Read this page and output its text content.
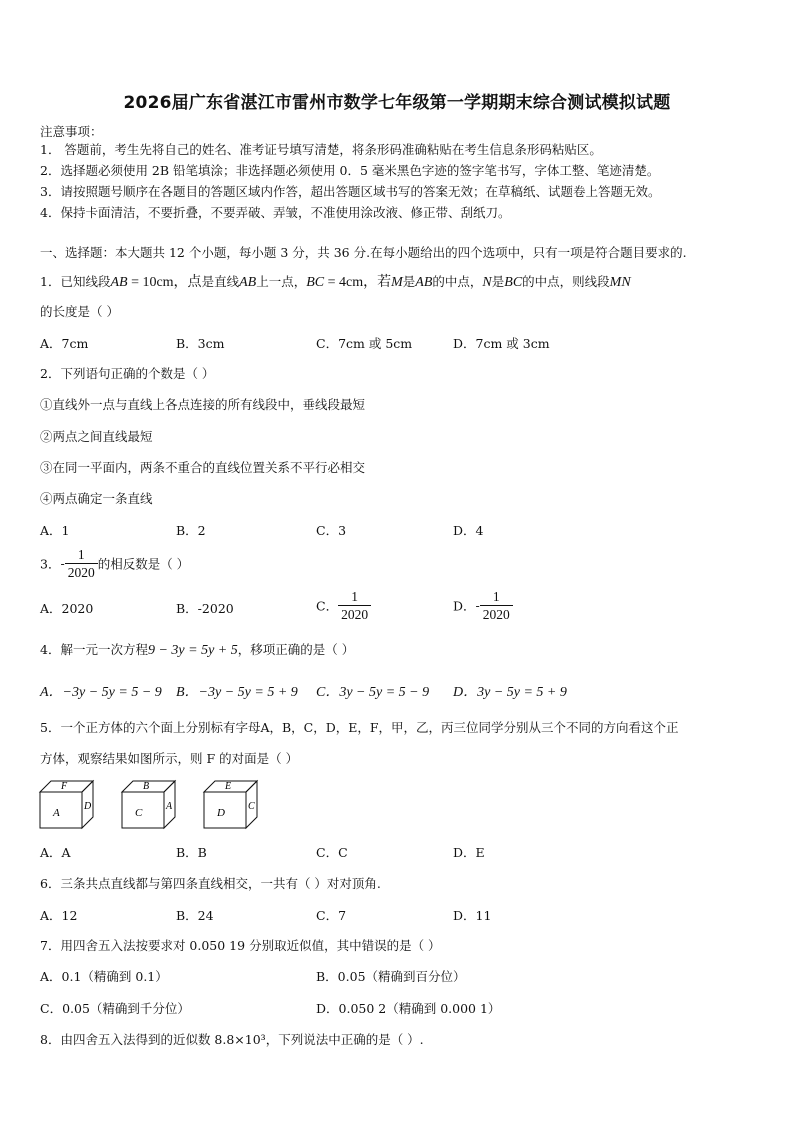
2026届广东省湛江市雷州市数学七年级第一学期期末综合测试模拟试题
注意事项：
1． 答题前，考生先将自己的姓名、准考证号填写清楚，将条形码准确粘贴在考生信息条形码粘贴区。
2．选择题必须使用 2B 铅笔填涂；非选择题必须使用 0．5 毫米黑色字迹的签字笔书写，字体工整、笔迹清楚。
3．请按照题号顺序在各题目的答题区域内作答，超出答题区域书写的答案无效；在草稿纸、试题卷上答题无效。
4．保持卡面清洁，不要折叠，不要弄破、弄皱，不准使用涂改液、修正带、刮纸刀。
一、选择题：本大题共 12 个小题，每小题 3 分，共 36 分.在每小题给出的四个选项中，只有一项是符合题目要求的.
1．已知线段AB = 10cm，点是直线AB上一点，BC = 4cm，若M是AB的中点，N是BC的中点，则线段MN
的长度是（ ）
A．7cm	B．3cm	C．7cm 或 5cm	D．7cm 或 3cm
2．下列语句正确的个数是（ ）
①直线外一点与直线上各点连接的所有线段中，垂线段最短
②两点之间直线最短
③在同一平面内，两条不重合的直线位置关系不平行必相交
④两点确定一条直线
A．1	B．2	C．3	D．4
3．- $\frac{1}{2020}$ 的相反数是（ ）
A．2020	B．-2020	C． $\frac{1}{2020}$	D．- $\frac{1}{2020}$
4．解一元一次方程9 − 3y = 5y + 5，移项正确的是（ ）
A．−3y − 5y = 5 − 9 B．−3y − 5y = 5 + 9 C．3y − 5y = 5 − 9 D．3y − 5y = 5 + 9
5．一个正方体的六个面上分别标有字母A，B，C，D，E，F，甲，乙，丙三位同学分别从三个不同的方向看这个正
方体，观察结果如图所示，则 F 的对面是（ ）
F
A
D
B
C
A
E
D
C
A．A	B．B	C．C	D．E
6．三条共点直线都与第四条直线相交，一共有（ ）对对顶角.
A．12	B．24	C．7	D．11
7．用四舍五入法按要求对 0.050 19 分别取近似值，其中错误的是（ ）
A．0.1（精确到 0.1）	B．0.05（精确到百分位）
C．0.05（精确到千分位）	D．0.050 2（精确到 0.000 1）
8．由四舍五入法得到的近似数 8.8×10³，下列说法中正确的是（ ）.
